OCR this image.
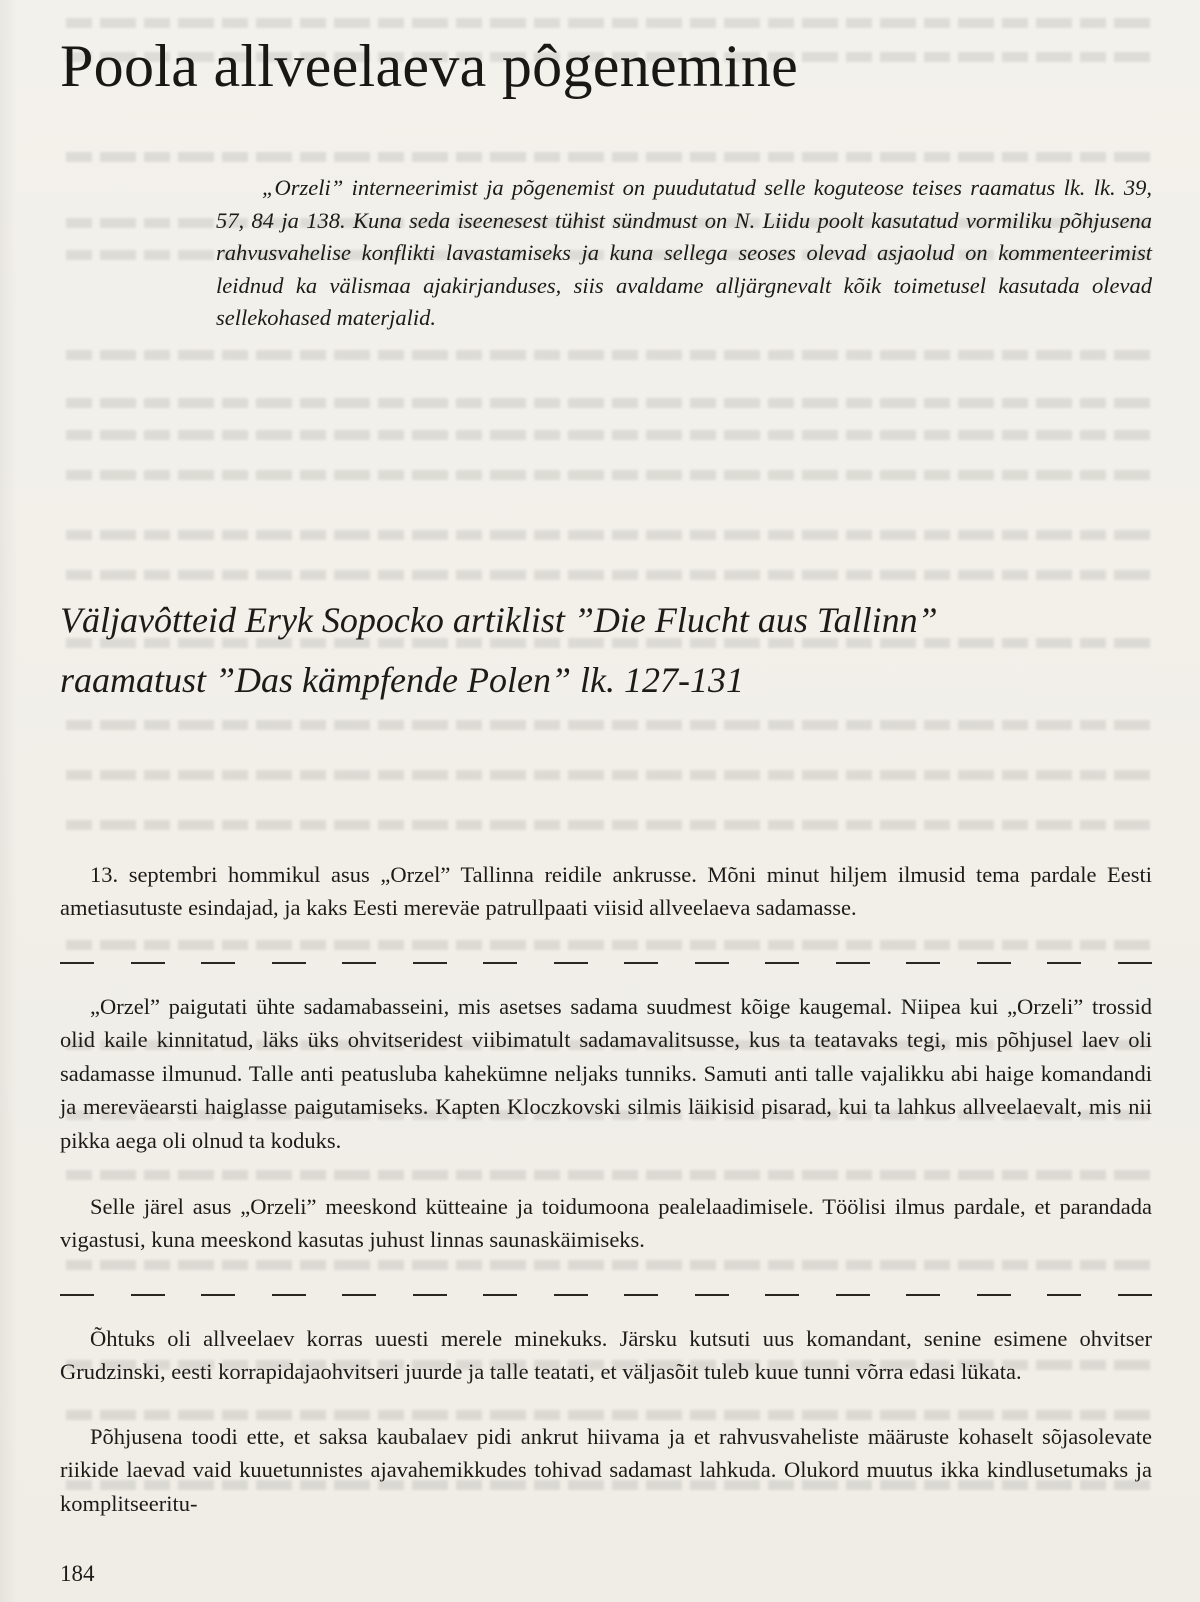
Poola allveelaeva pôgenemine

„Orzeli” interneerimist ja põgenemist on puudutatud selle koguteose teises raamatus lk. lk. 39, 57, 84 ja 138. Kuna seda iseenesest tühist sündmust on N. Liidu poolt kasutatud vormiliku põhjusena rahvusvahelise konflikti lavastamiseks ja kuna sellega seoses olevad asjaolud on kommenteerimist leidnud ka välismaa ajakirjanduses, siis avaldame alljärgnevalt kõik toimetusel kasutada olevad sellekohased materjalid.

Väljavôtteid Eryk Sopocko artiklist ”Die Flucht aus Tallinn”
raamatust ”Das kämpfende Polen” lk. 127-131

13. septembri hommikul asus „Orzel” Tallinna reidile ankrusse. Mõni minut hiljem ilmusid tema pardale Eesti ametiasutuste esindajad, ja kaks Eesti mereväe patrullpaati viisid allveelaeva sadamasse.

„Orzel” paigutati ühte sadamabasseini, mis asetses sadama suudmest kõige kaugemal. Niipea kui „Orzeli” trossid olid kaile kinnitatud, läks üks ohvitseridest viibimatult sadamavalitsusse, kus ta teatavaks tegi, mis põhjusel laev oli sadamasse ilmunud. Talle anti peatusluba kahekümne neljaks tunniks. Samuti anti talle vajalikku abi haige komandandi ja mereväearsti haiglasse paigutamiseks. Kapten Kloczkovski silmis läikisid pisarad, kui ta lahkus allveelaevalt, mis nii pikka aega oli olnud ta koduks.

Selle järel asus „Orzeli” meeskond kütteaine ja toidumoona pealelaadimisele. Töölisi ilmus pardale, et parandada vigastusi, kuna meeskond kasutas juhust linnas saunaskäimiseks.

Õhtuks oli allveelaev korras uuesti merele minekuks. Järsku kutsuti uus komandant, senine esimene ohvitser Grudzinski, eesti korrapidajaohvitseri juurde ja talle teatati, et väljasõit tuleb kuue tunni võrra edasi lükata.

Põhjusena toodi ette, et saksa kaubalaev pidi ankrut hiivama ja et rahvusvaheliste määruste kohaselt sõjasolevate riikide laevad vaid kuuetunnistes ajavahemikkudes tohivad sadamast lahkuda. Olukord muutus ikka kindlusetumaks ja komplitseeritu-

184
